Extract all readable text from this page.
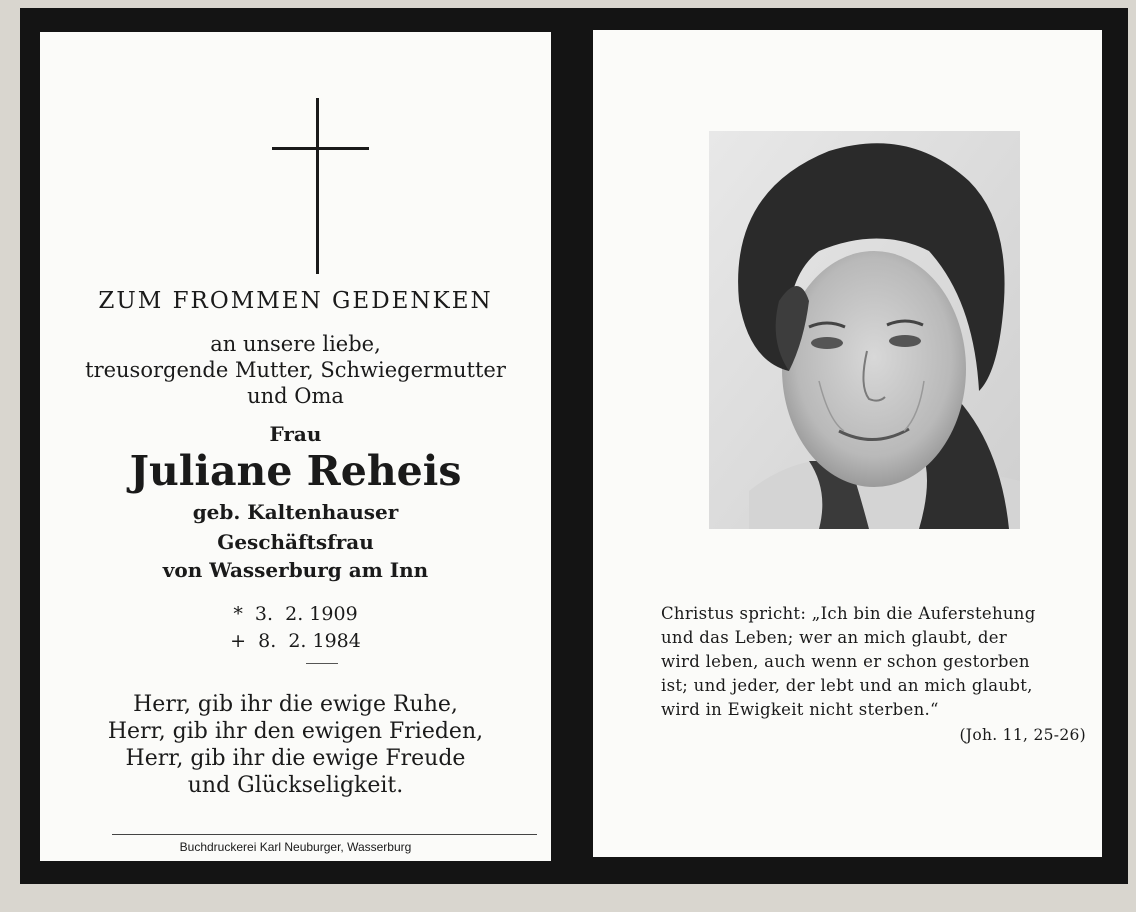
ZUM FROMMEN GEDENKEN
an unsere liebe,
treusorgende Mutter, Schwiegermutter
und Oma
Frau
Juliane Reheis
geb. Kaltenhauser
Geschäftsfrau
von Wasserburg am Inn
*  3.  2. 1909
+  8.  2. 1984
Herr, gib ihr die ewige Ruhe,
Herr, gib ihr den ewigen Frieden,
Herr, gib ihr die ewige Freude
und Glückseligkeit.
Buchdruckerei Karl Neuburger, Wasserburg
Christus spricht: „Ich bin die Auferstehung
und das Leben; wer an mich glaubt, der
wird leben, auch wenn er schon gestorben
ist; und jeder, der lebt und an mich glaubt,
wird in Ewigkeit nicht sterben.“
(Joh. 11, 25-26)
